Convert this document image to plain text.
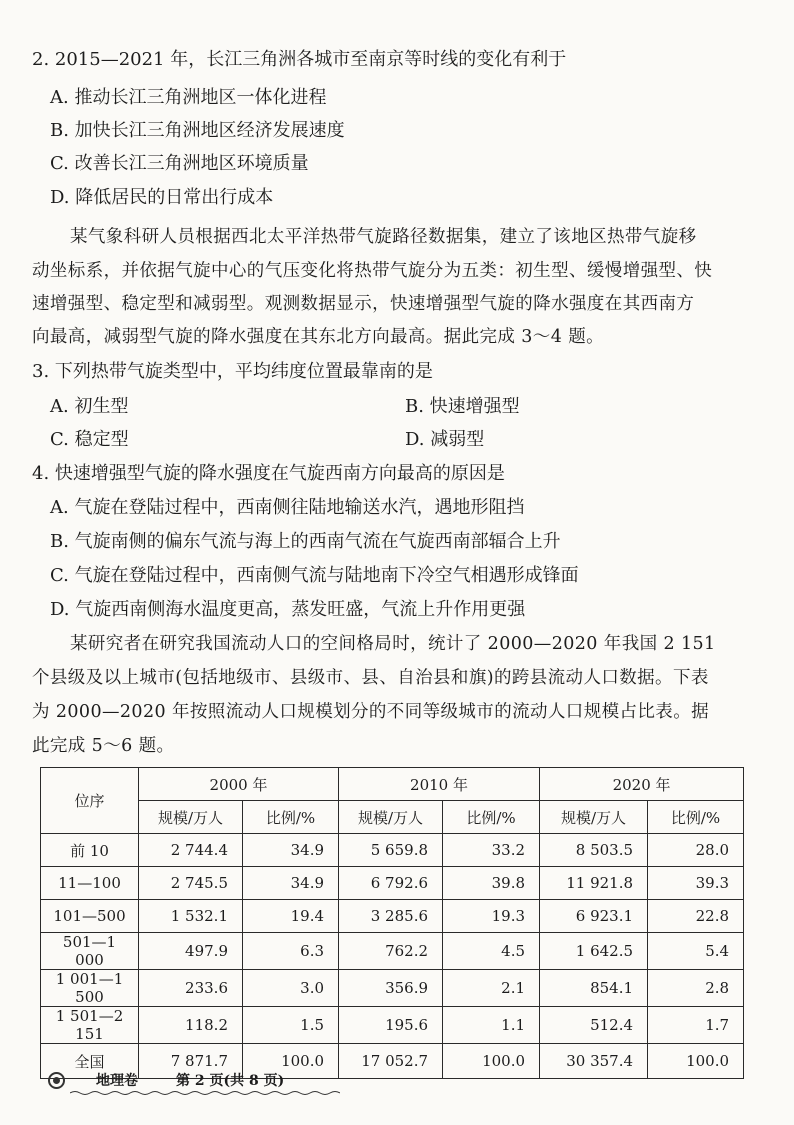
2. 2015—2021 年，长江三角洲各城市至南京等时线的变化有利于
A. 推动长江三角洲地区一体化进程
B. 加快长江三角洲地区经济发展速度
C. 改善长江三角洲地区环境质量
D. 降低居民的日常出行成本
某气象科研人员根据西北太平洋热带气旋路径数据集，建立了该地区热带气旋移
动坐标系，并依据气旋中心的气压变化将热带气旋分为五类：初生型、缓慢增强型、快
速增强型、稳定型和减弱型。观测数据显示，快速增强型气旋的降水强度在其西南方
向最高，减弱型气旋的降水强度在其东北方向最高。据此完成 3～4 题。
3. 下列热带气旋类型中，平均纬度位置最靠南的是
A. 初生型	B. 快速增强型
C. 稳定型	D. 减弱型
4. 快速增强型气旋的降水强度在气旋西南方向最高的原因是
A. 气旋在登陆过程中，西南侧往陆地输送水汽，遇地形阻挡
B. 气旋南侧的偏东气流与海上的西南气流在气旋西南部辐合上升
C. 气旋在登陆过程中，西南侧气流与陆地南下冷空气相遇形成锋面
D. 气旋西南侧海水温度更高，蒸发旺盛，气流上升作用更强
某研究者在研究我国流动人口的空间格局时，统计了 2000—2020 年我国 2 151
个县级及以上城市(包括地级市、县级市、县、自治县和旗)的跨县流动人口数据。下表
为 2000—2020 年按照流动人口规模划分的不同等级城市的流动人口规模占比表。据
此完成 5～6 题。
位序	2000 年		2010 年		2020 年	
	规模/万人	比例/%	规模/万人	比例/%	规模/万人	比例/%
前 10	2 744.4	34.9	5 659.8	33.2	8 503.5	28.0
11—100	2 745.5	34.9	6 792.6	39.8	11 921.8	39.3
101—500	1 532.1	19.4	3 285.6	19.3	6 923.1	22.8
501—1 000	497.9	6.3	762.2	4.5	1 642.5	5.4
1 001—1 500	233.6	3.0	356.9	2.1	854.1	2.8
1 501—2 151	118.2	1.5	195.6	1.1	512.4	1.7
全国	7 871.7	100.0	17 052.7	100.0	30 357.4	100.0
地理卷	第 2 页(共 8 页)
